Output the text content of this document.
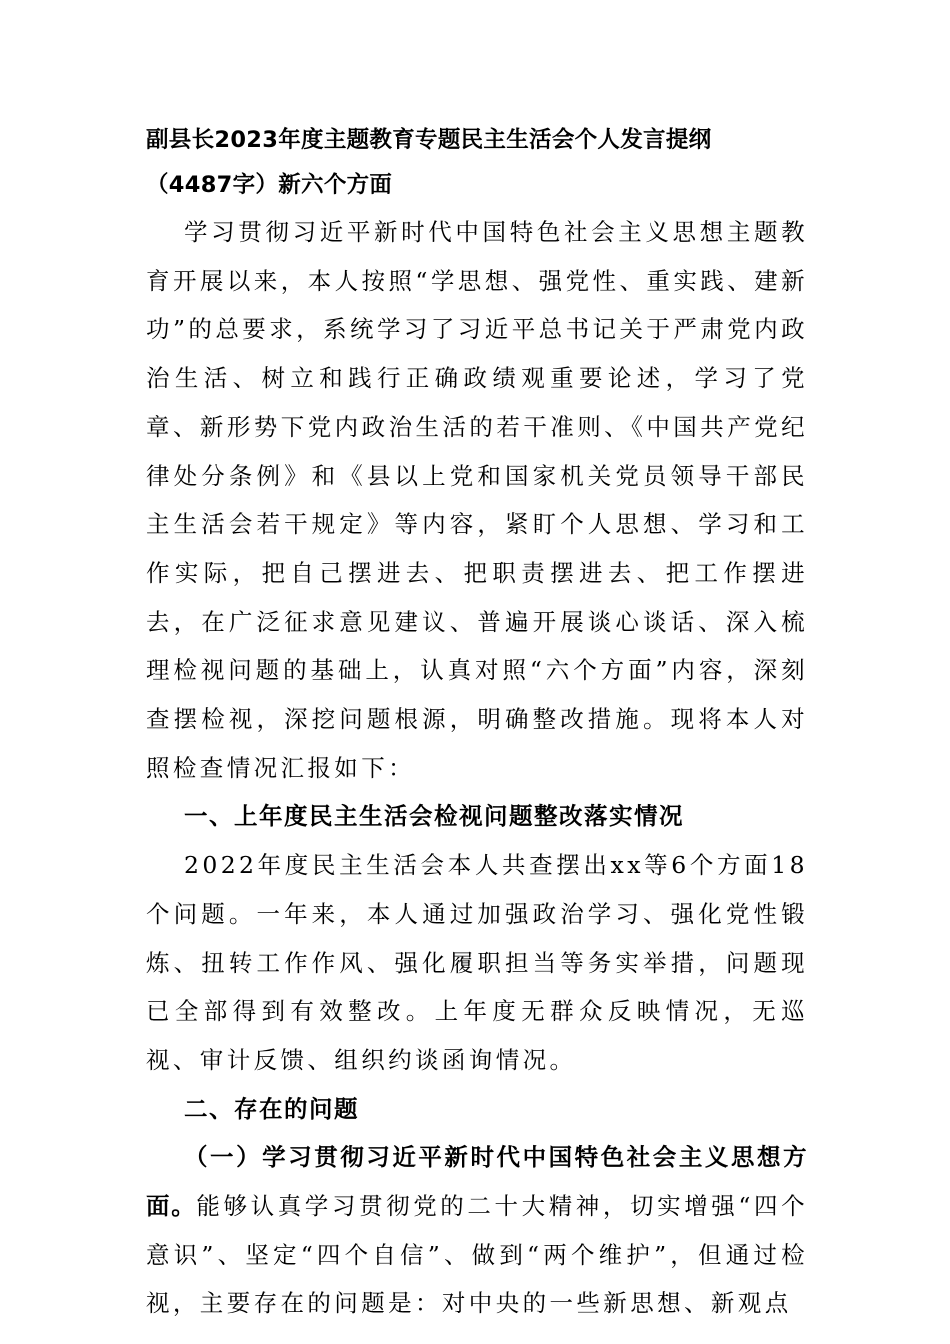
副县长2023年度主题教育专题民主生活会个人发言提纲
（4487字）新六个方面

学习贯彻习近平新时代中国特色社会主义思想主题教育开展以来，本人按照“学思想、强党性、重实践、建新功”的总要求，系统学习了习近平总书记关于严肃党内政治生活、树立和践行正确政绩观重要论述，学习了党章、新形势下党内政治生活的若干准则、《中国共产党纪律处分条例》和《县以上党和国家机关党员领导干部民主生活会若干规定》等内容，紧盯个人思想、学习和工作实际，把自己摆进去、把职责摆进去、把工作摆进去，在广泛征求意见建议、普遍开展谈心谈话、深入梳理检视问题的基础上，认真对照“六个方面”内容，深刻查摆检视，深挖问题根源，明确整改措施。现将本人对照检查情况汇报如下：

一、上年度民主生活会检视问题整改落实情况

2022年度民主生活会本人共查摆出xx等6个方面18个问题。一年来，本人通过加强政治学习、强化党性锻炼、扭转工作作风、强化履职担当等务实举措，问题现已全部得到有效整改。上年度无群众反映情况，无巡视、审计反馈、组织约谈函询情况。

二、存在的问题

（一）学习贯彻习近平新时代中国特色社会主义思想方面。能够认真学习贯彻党的二十大精神，切实增强“四个意识”、坚定“四个自信”、做到“两个维护”，但通过检视，主要存在的问题是：对中央的一些新思想、新观点
